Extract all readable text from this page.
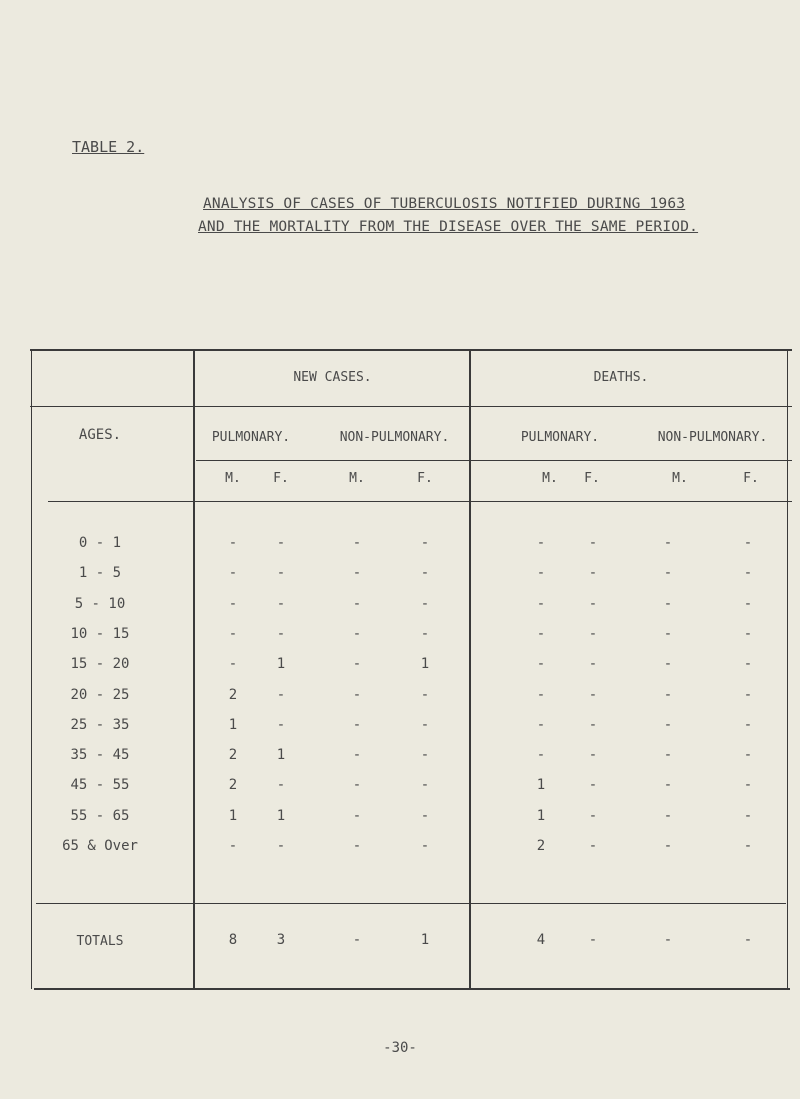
TABLE 2.
ANALYSIS OF CASES OF TUBERCULOSIS NOTIFIED DURING 1963
AND THE MORTALITY FROM THE DISEASE OVER THE SAME PERIOD.
NEW CASES.	DEATHS.
AGES.	PULMONARY.	NON-PULMONARY.	PULMONARY.	NON-PULMONARY.
M.	F.	M.	F.	M.	F.	M.	F.
0 - 1	-	-	-	-	-	-	-	-
1 - 5	-	-	-	-	-	-	-	-
5 - 10	-	-	-	-	-	-	-	-
10 - 15	-	-	-	-	-	-	-	-
15 - 20	-	1	-	1	-	-	-	-
20 - 25	2	-	-	-	-	-	-	-
25 - 35	1	-	-	-	-	-	-	-
35 - 45	2	1	-	-	-	-	-	-
45 - 55	2	-	-	-	1	-	-	-
55 - 65	1	1	-	-	1	-	-	-
65 & Over	-	-	-	-	2	-	-	-
TOTALS	8	3	-	1	4	-	-	-
-30-
